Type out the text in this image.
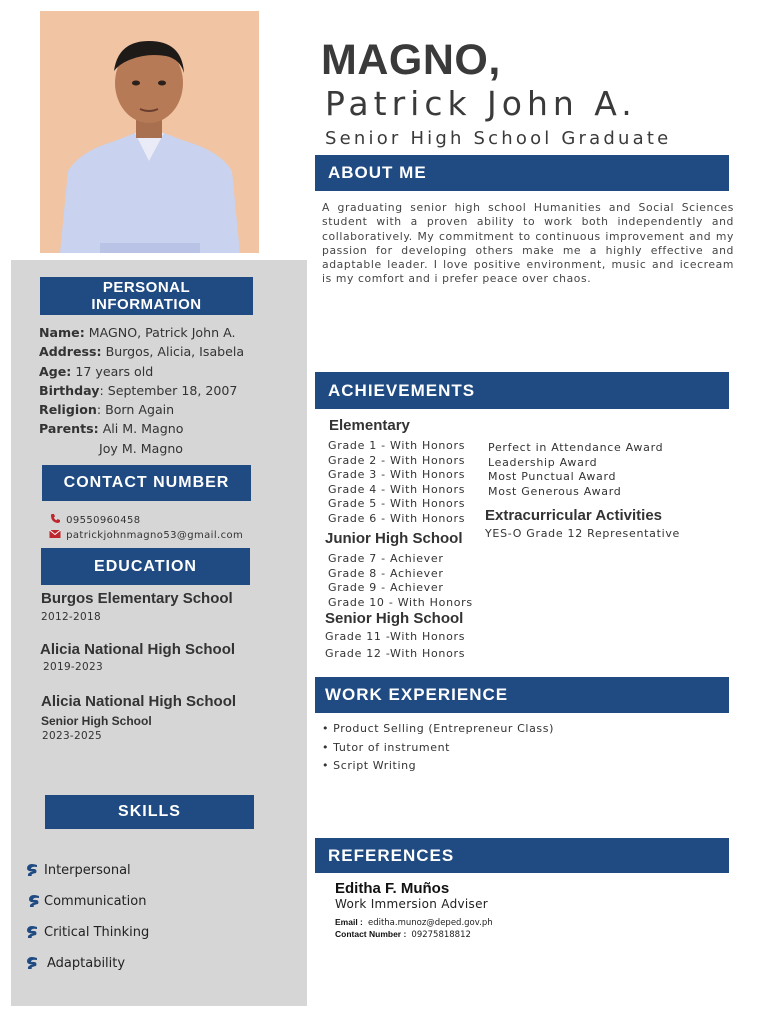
MAGNO,
Patrick John A.
Senior High School Graduate
ABOUT ME
A graduating senior high school Humanities and Social Sciences student with a proven ability to work both independently and collaboratively. My commitment to continuous improvement and my passion for developing others make me a highly effective and adaptable leader. I love positive environment, music and icecream is my comfort and i prefer peace over chaos.
PERSONAL
INFORMATION
Name: MAGNO, Patrick John A.
Address: Burgos, Alicia, Isabela
Age: 17 years old
Birthday: September 18, 2007
Religion: Born Again
Parents: Ali M. Magno
Joy M. Magno
CONTACT NUMBER
09550960458
patrickjohnmagno53@gmail.com
EDUCATION
Burgos Elementary School
2012-2018
Alicia National High School
2019-2023
Alicia National High School
Senior High School
2023-2025
SKILLS
Interpersonal
Communication
Critical Thinking
Adaptability
ACHIEVEMENTS
Elementary
Grade 1 - With Honors
Grade 2 - With Honors
Grade 3 - With Honors
Grade 4 - With Honors
Grade 5 - With Honors
Grade 6 - With Honors
Perfect in Attendance Award
Leadership Award
Most Punctual Award
Most Generous Award
Extracurricular Activities
YES-O Grade 12 Representative
Junior High School
Grade 7 - Achiever
Grade 8 - Achiever
Grade 9 - Achiever
Grade 10 - With Honors
Senior High School
Grade 11 -With Honors
Grade 12 -With Honors
WORK EXPERIENCE
• Product Selling (Entrepreneur Class)
• Tutor of instrument
• Script Writing
REFERENCES
Editha F. Muños
Work Immersion Adviser
Email : editha.munoz@deped.gov.ph
Contact Number : 09275818812
